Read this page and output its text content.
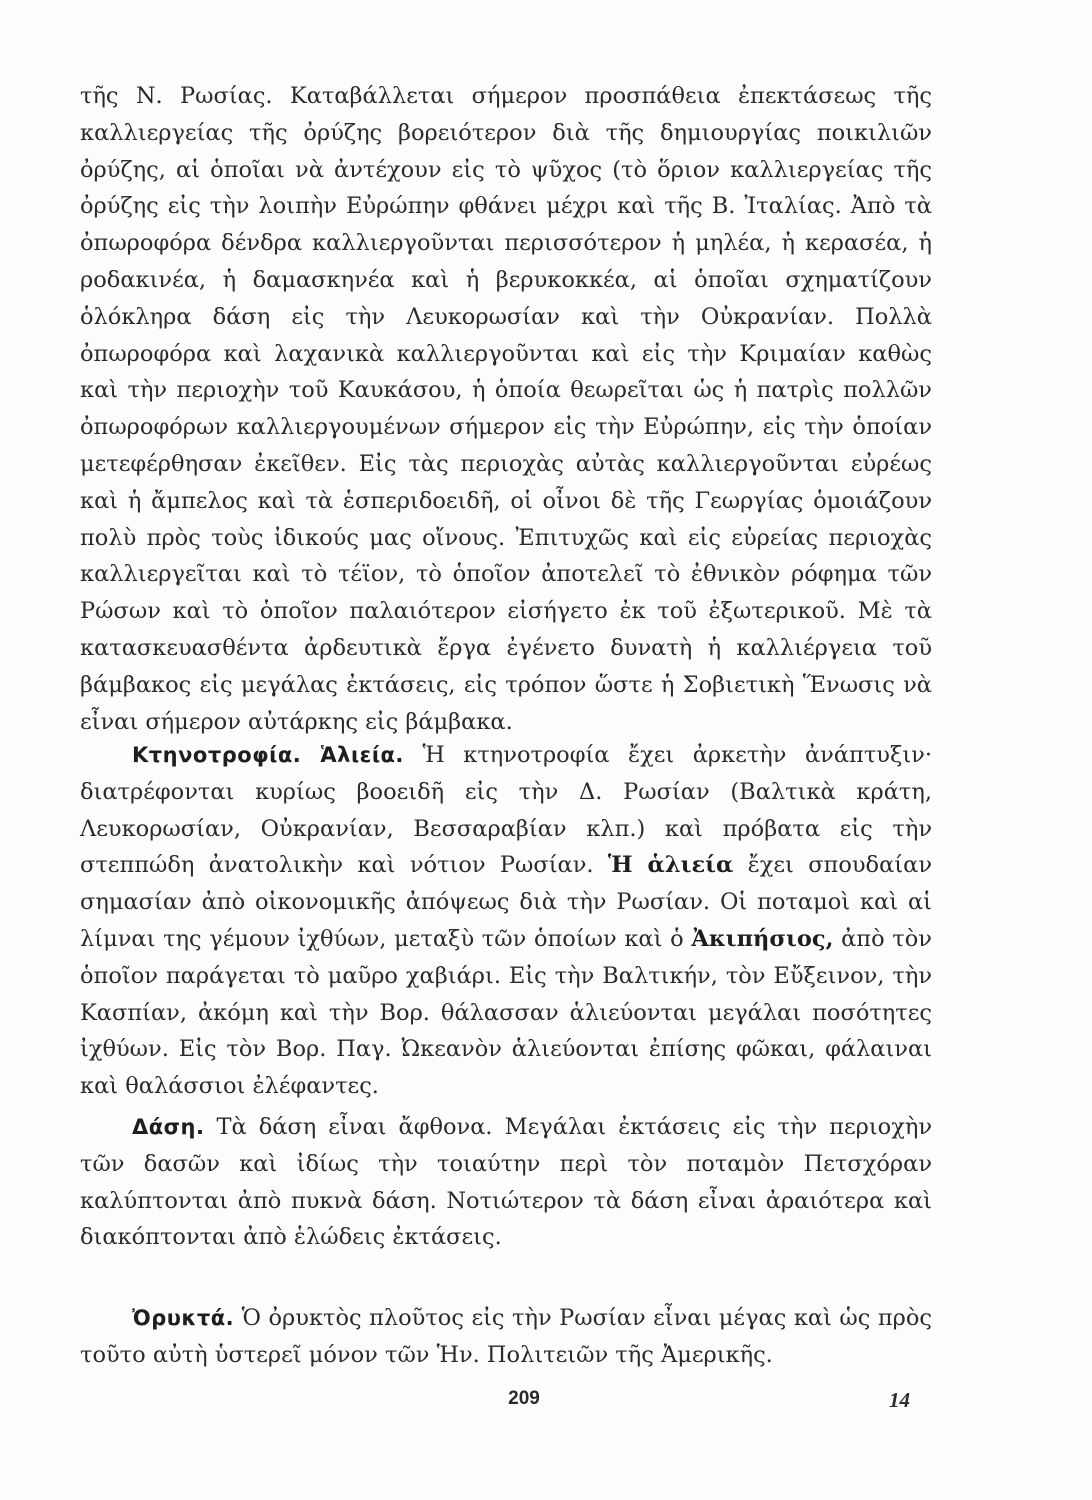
τῆς Ν. Ρωσίας. Καταβάλλεται σήμερον προσπάθεια ἐπεκτάσεως τῆς καλλιεργείας τῆς ὀρύζης βορειότερον διὰ τῆς δημιουργίας ποικιλιῶν ὀρύζης, αἱ ὁποῖαι νὰ ἀντέχουν εἰς τὸ ψῦχος (τὸ ὅριον καλλιεργείας τῆς ὀρύζης εἰς τὴν λοιπὴν Εὐρώπην φθάνει μέχρι καὶ τῆς Β. Ἰταλίας. Ἀπὸ τὰ ὀπωροφόρα δένδρα καλλιεργοῦνται περισσότερον ἡ μηλέα, ἡ κερασέα, ἡ ροδακινέα, ἡ δαμασκηνέα καὶ ἡ βερυκοκκέα, αἱ ὁποῖαι σχηματίζουν ὁλόκληρα δάση εἰς τὴν Λευκορωσίαν καὶ τὴν Οὐκρανίαν. Πολλὰ ὀπωροφόρα καὶ λαχανικὰ καλλιεργοῦνται καὶ εἰς τὴν Κριμαίαν καθὼς καὶ τὴν περιοχὴν τοῦ Καυκάσου, ἡ ὁποία θεωρεῖται ὡς ἡ πατρὶς πολλῶν ὀπωροφόρων καλλιεργουμένων σήμερον εἰς τὴν Εὐρώπην, εἰς τὴν ὁποίαν μετεφέρθησαν ἐκεῖθεν. Εἰς τὰς περιοχὰς αὐτὰς καλλιεργοῦνται εὐρέως καὶ ἡ ἄμπελος καὶ τὰ ἑσπεριδοειδῆ, οἱ οἶνοι δὲ τῆς Γεωργίας ὁμοιάζουν πολὺ πρὸς τοὺς ἰδικούς μας οἴνους. Ἐπιτυχῶς καὶ εἰς εὐρείας περιοχὰς καλλιεργεῖται καὶ τὸ τέϊον, τὸ ὁποῖον ἀποτελεῖ τὸ ἐθνικὸν ρόφημα τῶν Ρώσων καὶ τὸ ὁποῖον παλαιότερον εἰσήγετο ἐκ τοῦ ἐξωτερικοῦ. Μὲ τὰ κατασκευασθέντα ἀρδευτικὰ ἔργα ἐγένετο δυνατὴ ἡ καλλιέργεια τοῦ βάμβακος εἰς μεγάλας ἐκτάσεις, εἰς τρόπον ὥστε ἡ Σοβιετικὴ Ἕνωσις νὰ εἶναι σήμερον αὐτάρκης εἰς βάμβακα.

Κτηνοτροφία. Ἁλιεία. Ἡ κτηνοτροφία ἔχει ἀρκετὴν ἀνάπτυξιν· διατρέφονται κυρίως βοοειδῆ εἰς τὴν Δ. Ρωσίαν (Βαλτικὰ κράτη, Λευκορωσίαν, Οὐκρανίαν, Βεσσαραβίαν κλπ.) καὶ πρόβατα εἰς τὴν στεππώδη ἀνατολικὴν καὶ νότιον Ρωσίαν. Ἡ ἁλιεία ἔχει σπουδαίαν σημασίαν ἀπὸ οἰκονομικῆς ἀπόψεως διὰ τὴν Ρωσίαν. Οἱ ποταμοὶ καὶ αἱ λίμναι της γέμουν ἰχθύων, μεταξὺ τῶν ὁποίων καὶ ὁ Ἀκιπήσιος, ἀπὸ τὸν ὁποῖον παράγεται τὸ μαῦρο χαβιάρι. Εἰς τὴν Βαλτικήν, τὸν Εὔξεινον, τὴν Κασπίαν, ἀκόμη καὶ τὴν Βορ. θάλασσαν ἁλιεύονται μεγάλαι ποσότητες ἰχθύων. Εἰς τὸν Βορ. Παγ. Ὠκεανὸν ἁλιεύονται ἐπίσης φῶκαι, φάλαιναι καὶ θαλάσσιοι ἐλέφαντες.

Δάση. Τὰ δάση εἶναι ἄφθονα. Μεγάλαι ἐκτάσεις εἰς τὴν περιοχὴν τῶν δασῶν καὶ ἰδίως τὴν τοιαύτην περὶ τὸν ποταμὸν Πετσχόραν καλύπτονται ἀπὸ πυκνὰ δάση. Νοτιώτερον τὰ δάση εἶναι ἀραιότερα καὶ διακόπτονται ἀπὸ ἑλώδεις ἐκτάσεις.

Ὀρυκτά. Ὁ ὀρυκτὸς πλοῦτος εἰς τὴν Ρωσίαν εἶναι μέγας καὶ ὡς πρὸς τοῦτο αὐτὴ ὑστερεῖ μόνον τῶν Ἡν. Πολιτειῶν τῆς Ἀμερικῆς.

209	14
